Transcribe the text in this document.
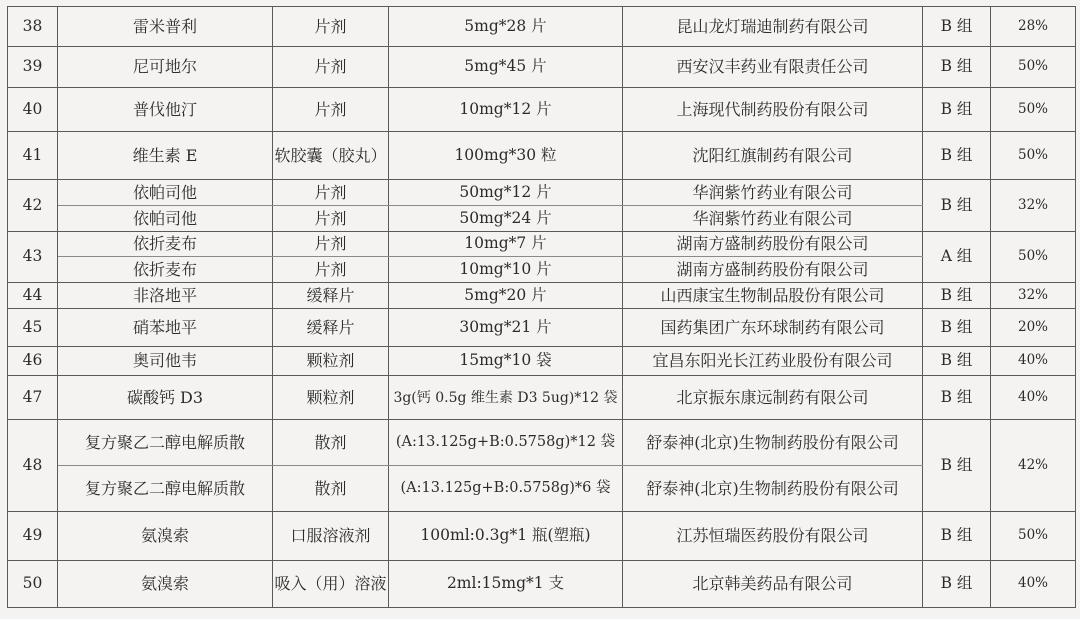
38	雷米普利	片剂	5mg*28 片	昆山龙灯瑞迪制药有限公司	B 组	28%
39	尼可地尔	片剂	5mg*45 片	西安汉丰药业有限责任公司	B 组	50%
40	普伐他汀	片剂	10mg*12 片	上海现代制药股份有限公司	B 组	50%
41	维生素 E	软胶囊（胶丸）	100mg*30 粒	沈阳红旗制药有限公司	B 组	50%
42	依帕司他	片剂	50mg*12 片	华润紫竹药业有限公司	B 组	32%
	依帕司他	片剂	50mg*24 片	华润紫竹药业有限公司		
43	依折麦布	片剂	10mg*7 片	湖南方盛制药股份有限公司	A 组	50%
	依折麦布	片剂	10mg*10 片	湖南方盛制药股份有限公司		
44	非洛地平	缓释片	5mg*20 片	山西康宝生物制品股份有限公司	B 组	32%
45	硝苯地平	缓释片	30mg*21 片	国药集团广东环球制药有限公司	B 组	20%
46	奥司他韦	颗粒剂	15mg*10 袋	宜昌东阳光长江药业股份有限公司	B 组	40%
47	碳酸钙 D3	颗粒剂	3g(钙 0.5g 维生素 D3 5ug)*12 袋	北京振东康远制药有限公司	B 组	40%
48	复方聚乙二醇电解质散	散剂	(A:13.125g+B:0.5758g)*12 袋	舒泰神(北京)生物制药股份有限公司	B 组	42%
	复方聚乙二醇电解质散	散剂	(A:13.125g+B:0.5758g)*6 袋	舒泰神(北京)生物制药股份有限公司		
49	氨溴索	口服溶液剂	100ml:0.3g*1 瓶(塑瓶)	江苏恒瑞医药股份有限公司	B 组	50%
50	氨溴索	吸入（用）溶液	2ml:15mg*1 支	北京韩美药品有限公司	B 组	40%
